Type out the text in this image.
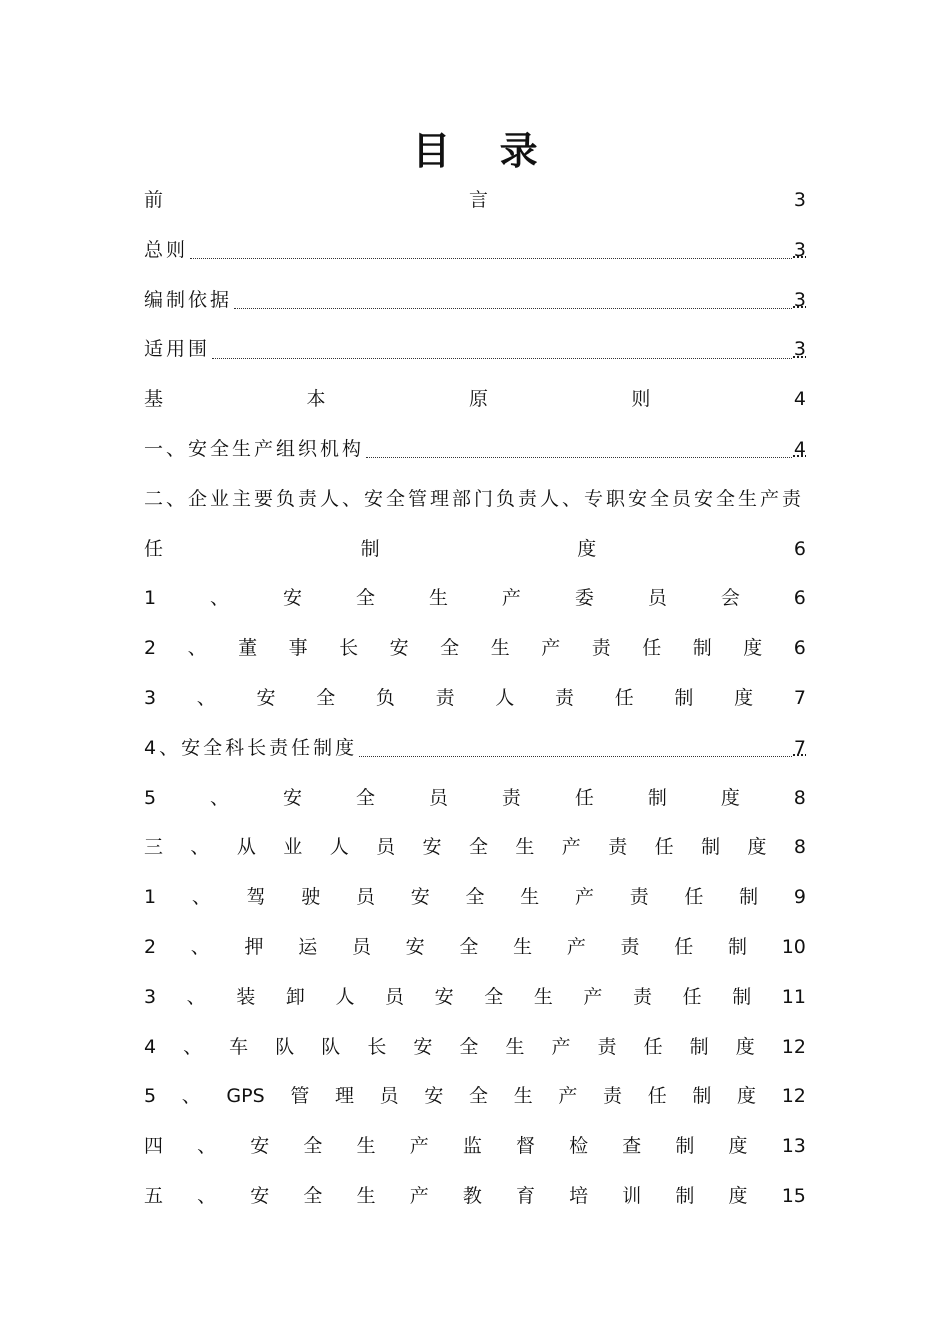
目 录
前	言	3
总则	3
编制依据	3
适用围	3
基	本	原	则	4
一、安全生产组织机构	4
二、企业主要负责人、安全管理部门负责人、专职安全员安全生产责
任	制	度	6
1	、	安	全	生	产	委	员	会	6
2 、 董 事 长 安 全 生 产 责 任 制 度 6
3 、 安 全 负 责 人 责 任 制 度 7
4、安全科长责任制度	7
5	、	安	全	员	责	任	制	度	8
三 、 从 业 人 员 安 全 生 产 责 任 制 度 8
1 、 驾 驶 员 安 全 生 产 责 任 制 9
2 、 押 运 员 安 全 生 产 责 任 制 10
3 、 装 卸 人 员 安 全 生 产 责 任 制 11
4 、 车 队 队 长 安 全 生 产 责 任 制 度 12
5 、 GPS 管 理 员 安 全 生 产 责 任 制 度 12
四 、 安 全 生 产 监 督 检 查 制 度 13
五 、 安 全 生 产 教 育 培 训 制 度 15
